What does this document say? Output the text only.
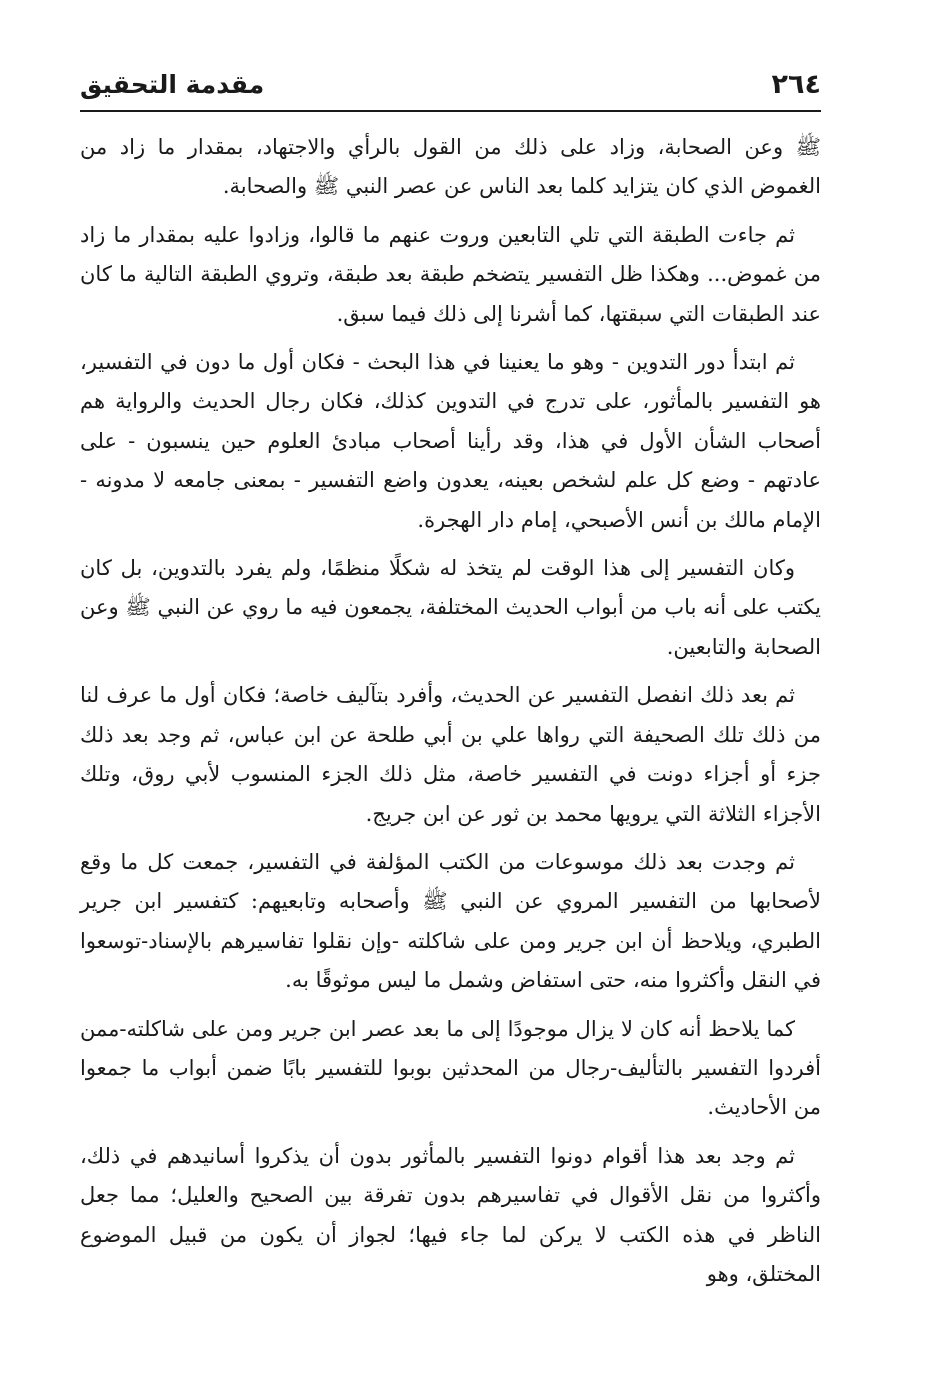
٢٦٤
مقدمة التحقيق

ﷺ وعن الصحابة، وزاد على ذلك من القول بالرأي والاجتهاد، بمقدار ما زاد من الغموض الذي كان يتزايد كلما بعد الناس عن عصر النبي ﷺ والصحابة.

ثم جاءت الطبقة التي تلي التابعين وروت عنهم ما قالوا، وزادوا عليه بمقدار ما زاد من غموض... وهكذا ظل التفسير يتضخم طبقة بعد طبقة، وتروي الطبقة التالية ما كان عند الطبقات التي سبقتها، كما أشرنا إلى ذلك فيما سبق.

ثم ابتدأ دور التدوين - وهو ما يعنينا في هذا البحث - فكان أول ما دون في التفسير، هو التفسير بالمأثور، على تدرج في التدوين كذلك، فكان رجال الحديث والرواية هم أصحاب الشأن الأول في هذا، وقد رأينا أصحاب مبادئ العلوم حين ينسبون - على عادتهم - وضع كل علم لشخص بعينه، يعدون واضع التفسير - بمعنى جامعه لا مدونه - الإمام مالك بن أنس الأصبحي، إمام دار الهجرة.

وكان التفسير إلى هذا الوقت لم يتخذ له شكلًا منظمًا، ولم يفرد بالتدوين، بل كان يكتب على أنه باب من أبواب الحديث المختلفة، يجمعون فيه ما روي عن النبي ﷺ وعن الصحابة والتابعين.

ثم بعد ذلك انفصل التفسير عن الحديث، وأفرد بتآليف خاصة؛ فكان أول ما عرف لنا من ذلك تلك الصحيفة التي رواها علي بن أبي طلحة عن ابن عباس، ثم وجد بعد ذلك جزء أو أجزاء دونت في التفسير خاصة، مثل ذلك الجزء المنسوب لأبي روق، وتلك الأجزاء الثلاثة التي يرويها محمد بن ثور عن ابن جريج.

ثم وجدت بعد ذلك موسوعات من الكتب المؤلفة في التفسير، جمعت كل ما وقع لأصحابها من التفسير المروي عن النبي ﷺ وأصحابه وتابعيهم: كتفسير ابن جرير الطبري، ويلاحظ أن ابن جرير ومن على شاكلته -وإن نقلوا تفاسيرهم بالإسناد-توسعوا في النقل وأكثروا منه، حتى استفاض وشمل ما ليس موثوقًا به.

كما يلاحظ أنه كان لا يزال موجودًا إلى ما بعد عصر ابن جرير ومن على شاكلته-ممن أفردوا التفسير بالتأليف-رجال من المحدثين بوبوا للتفسير بابًا ضمن أبواب ما جمعوا من الأحاديث.

ثم وجد بعد هذا أقوام دونوا التفسير بالمأثور بدون أن يذكروا أسانيدهم في ذلك، وأكثروا من نقل الأقوال في تفاسيرهم بدون تفرقة بين الصحيح والعليل؛ مما جعل الناظر في هذه الكتب لا يركن لما جاء فيها؛ لجواز أن يكون من قبيل الموضوع المختلق، وهو
